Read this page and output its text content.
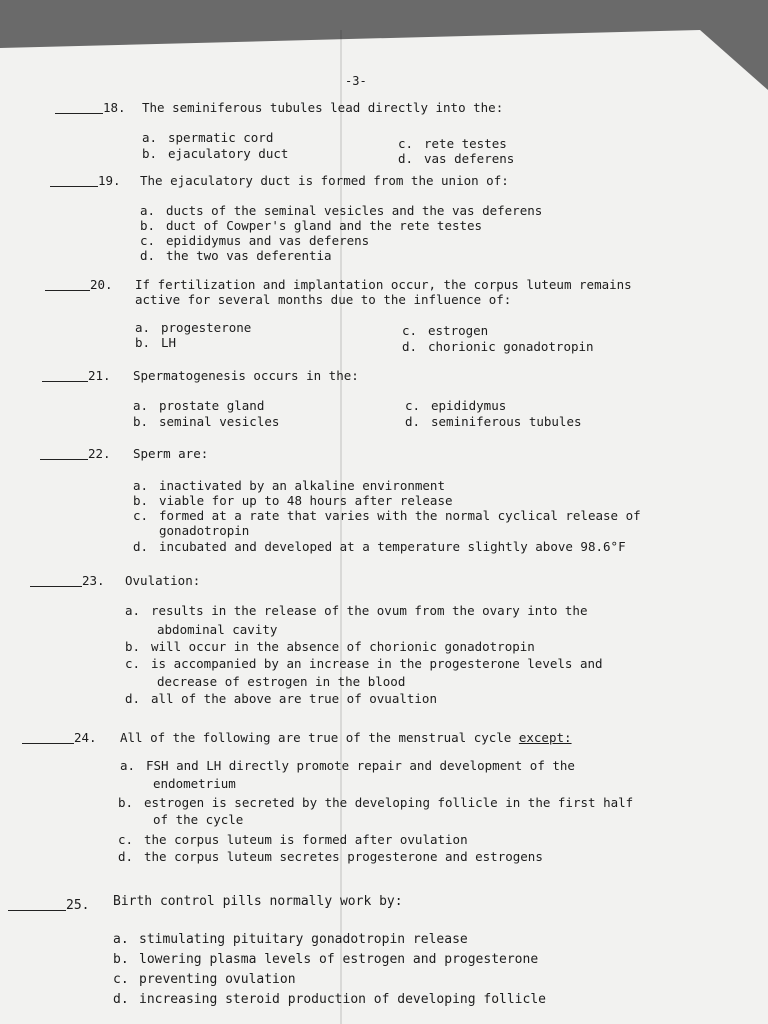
-3-
18. The seminiferous tubules lead directly into the:
a. spermatic cord
b. ejaculatory duct
c. rete testes
d. vas deferens
19. The ejaculatory duct is formed from the union of:
a. ducts of the seminal vesicles and the vas deferens
b. duct of Cowper's gland and the rete testes
c. epididymus and vas deferens
d. the two vas deferentia
20. If fertilization and implantation occur, the corpus luteum remains
active for several months due to the influence of:
a. progesterone
b. LH
c. estrogen
d. chorionic gonadotropin
21. Spermatogenesis occurs in the:
a. prostate gland
b. seminal vesicles
c. epididymus
d. seminiferous tubules
22. Sperm are:
a. inactivated by an alkaline environment
b. viable for up to 48 hours after release
c. formed at a rate that varies with the normal cyclical release of
gonadotropin
d. incubated and developed at a temperature slightly above 98.6°F
23. Ovulation:
a. results in the release of the ovum from the ovary into the
abdominal cavity
b. will occur in the absence of chorionic gonadotropin
c. is accompanied by an increase in the progesterone levels and
decrease of estrogen in the blood
d. all of the above are true of ovualtion
24. All of the following are true of the menstrual cycle except:
a. FSH and LH directly promote repair and development of the
endometrium
b. estrogen is secreted by the developing follicle in the first half
of the cycle
c. the corpus luteum is formed after ovulation
d. the corpus luteum secretes progesterone and estrogens
25. Birth control pills normally work by:
a. stimulating pituitary gonadotropin release
b. lowering plasma levels of estrogen and progesterone
c. preventing ovulation
d. increasing steroid production of developing follicle
